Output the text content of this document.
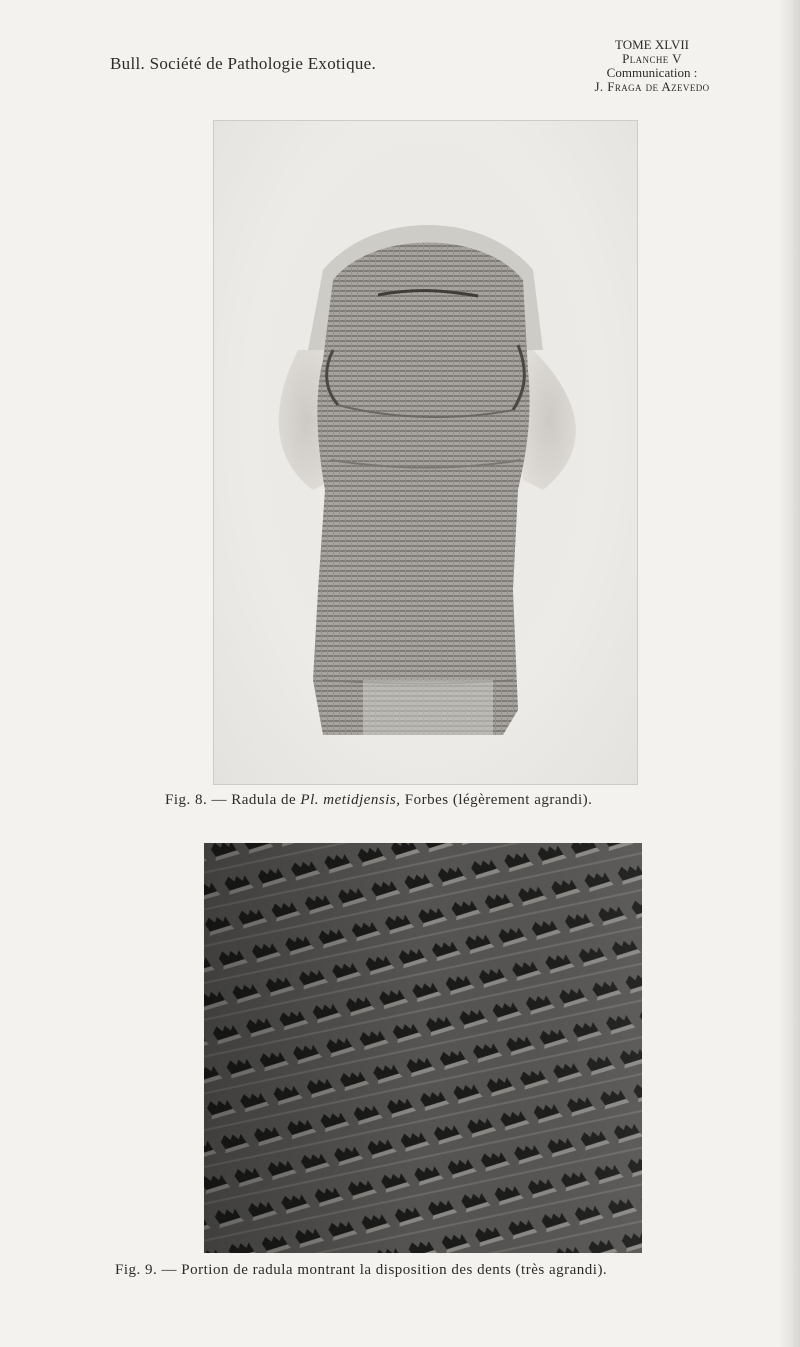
Bull. Société de Pathologie Exotique.
TOME XLVII
Planche V
Communication :
J. Fraga de Azevedo
Fig. 8. — Radula de Pl. metidjensis, Forbes (légèrement agrandi).
Fig. 9. — Portion de radula montrant la disposition des dents (très agrandi).
